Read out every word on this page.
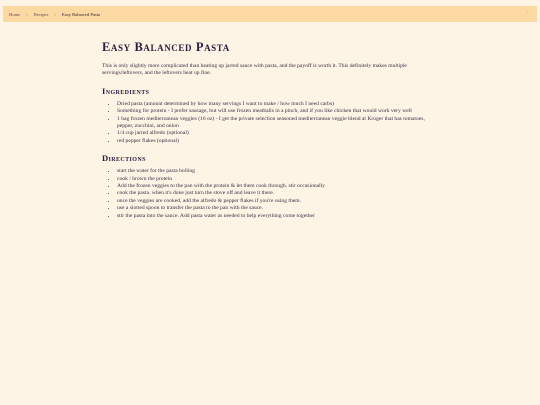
Home › Recipes › Easy Balanced Pasta	·
Easy Balanced Pasta

This is only slightly more complicated than heating up jarred sauce with pasta, and the payoff is worth it. This definitely makes multiple servings/leftovers, and the leftovers heat up fine.

Ingredients
• Dried pasta (amount determined by how many servings I want to make / how much I need carbs)
• Something for protein - I prefer sausage, but will use frozen meatballs in a pinch, and if you like chicken that would work very well
• 1 bag frozen mediterranean veggies (16 oz) - I get the private selection seasoned mediterranean veggie blend at Kroger that has tomatoes, pepper, zucchini, and onion
• 1/4 cup jarred alfredo (optional)
• red pepper flakes (optional)
Directions
• start the water for the pasta boiling
• cook / brown the protein
• Add the frozen veggies to the pan with the protein & let them cook through. stir occasionally
• cook the pasta. when it's done just turn the stove off and leave it there.
• once the veggies are cooked, add the alfredo & pepper flakes if you're using them.
• use a slotted spoon to transfer the pasta to the pan with the sauce.
• stir the pasta into the sauce. Add pasta water as needed to help everything come together
